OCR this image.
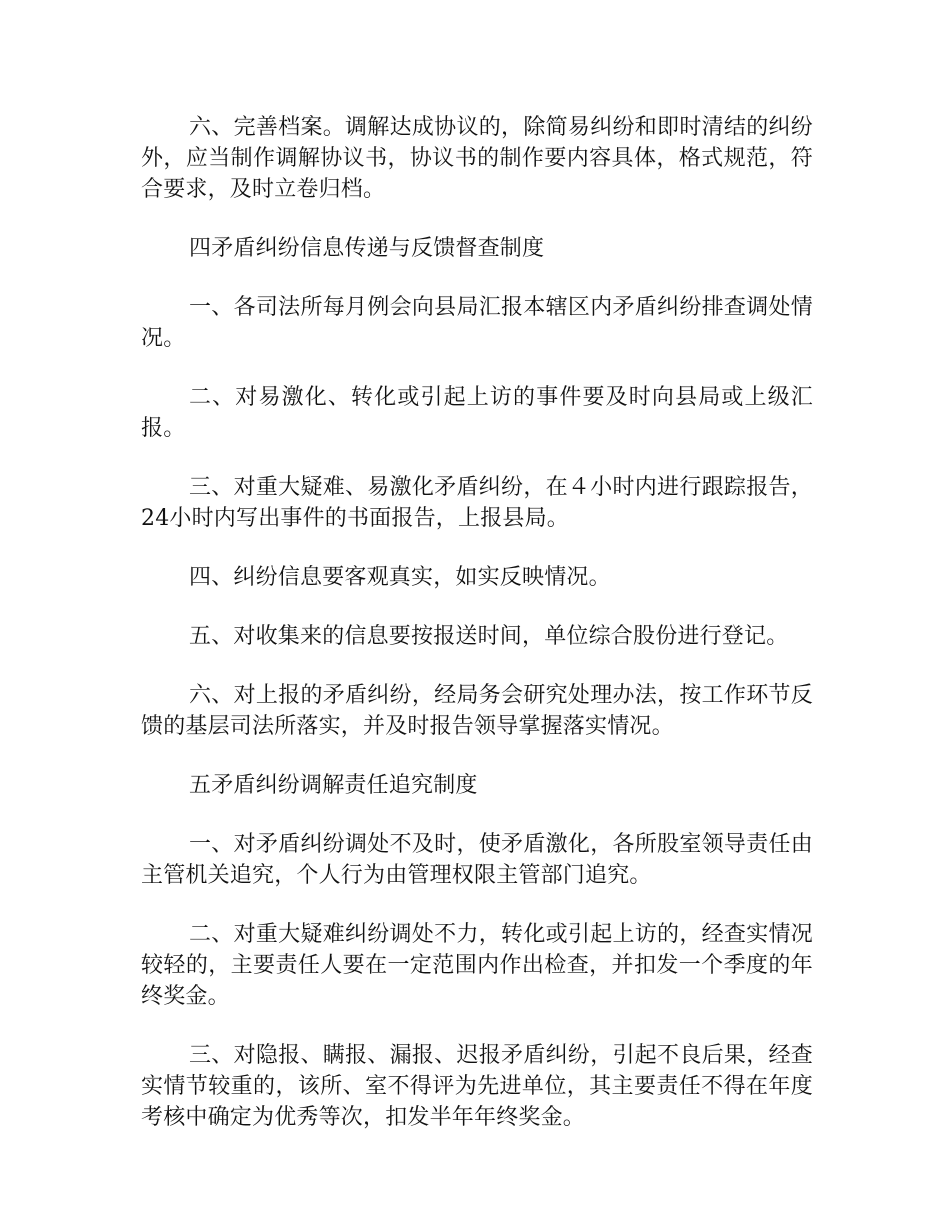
六、完善档案。调解达成协议的，除简易纠纷和即时清结的纠纷外，应当制作调解协议书，协议书的制作要内容具体，格式规范，符合要求，及时立卷归档。

四矛盾纠纷信息传递与反馈督查制度

一、各司法所每月例会向县局汇报本辖区内矛盾纠纷排查调处情况。

二、对易激化、转化或引起上访的事件要及时向县局或上级汇报。

三、对重大疑难、易激化矛盾纠纷，在４小时内进行跟踪报告，24小时内写出事件的书面报告，上报县局。

四、纠纷信息要客观真实，如实反映情况。

五、对收集来的信息要按报送时间，单位综合股份进行登记。

六、对上报的矛盾纠纷，经局务会研究处理办法，按工作环节反馈的基层司法所落实，并及时报告领导掌握落实情况。

五矛盾纠纷调解责任追究制度

一、对矛盾纠纷调处不及时，使矛盾激化，各所股室领导责任由主管机关追究，个人行为由管理权限主管部门追究。

二、对重大疑难纠纷调处不力，转化或引起上访的，经查实情况较轻的，主要责任人要在一定范围内作出检查，并扣发一个季度的年终奖金。

三、对隐报、瞒报、漏报、迟报矛盾纠纷，引起不良后果，经查实情节较重的，该所、室不得评为先进单位，其主要责任不得在年度考核中确定为优秀等次，扣发半年年终奖金。
